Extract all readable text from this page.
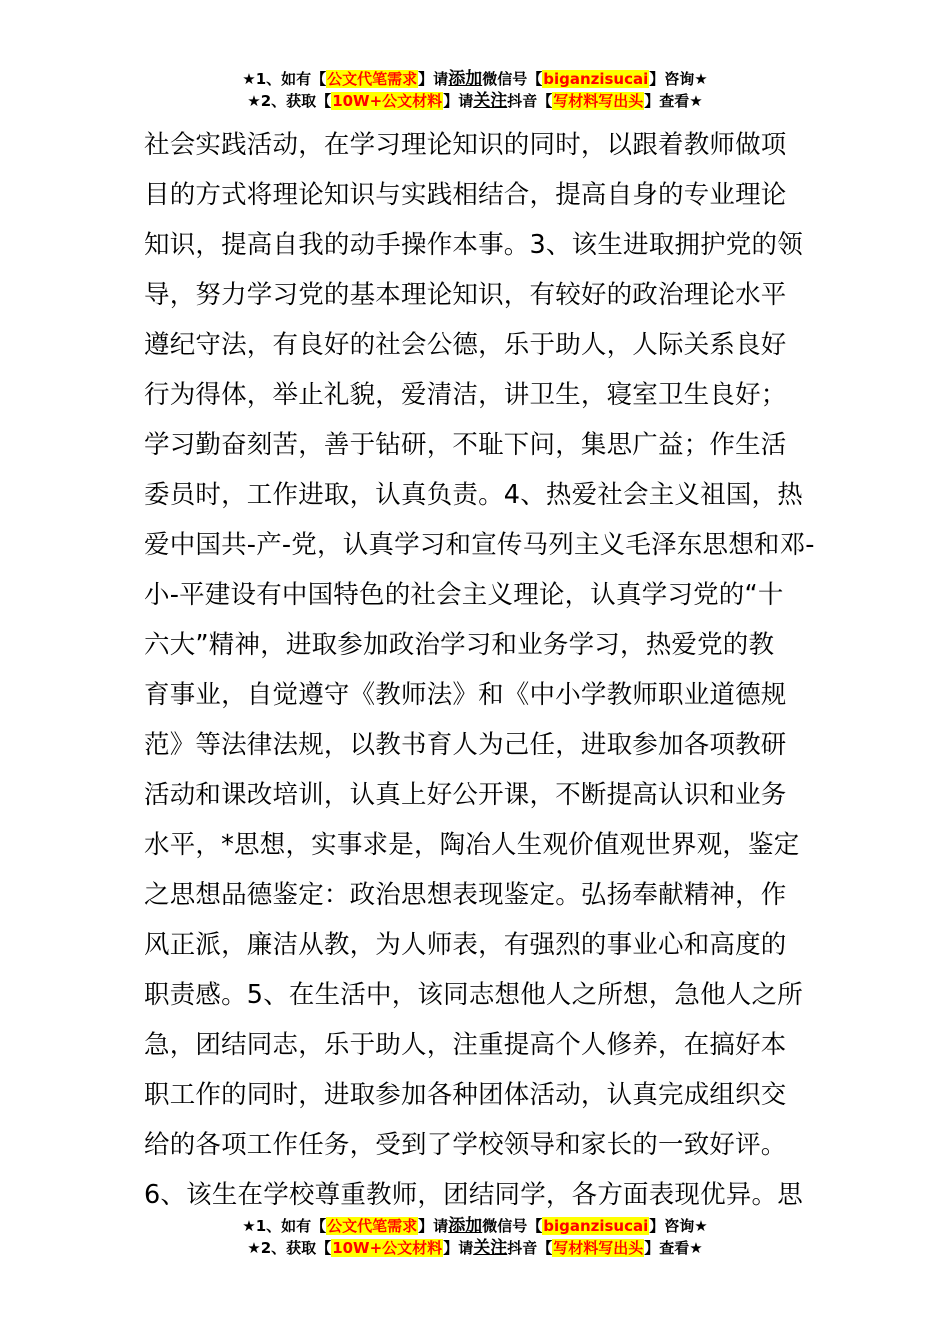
★1、如有【公文代笔需求】请添加微信号【biganzisucai】咨询★
★2、获取【10W+公文材料】请关注抖音【写材料写出头】查看★
社会实践活动，在学习理论知识的同时，以跟着教师做项
目的方式将理论知识与实践相结合，提高自身的专业理论
知识，提高自我的动手操作本事。3、该生进取拥护党的领
导，努力学习党的基本理论知识，有较好的政治理论水平
遵纪守法，有良好的社会公德，乐于助人，人际关系良好
行为得体，举止礼貌，爱清洁，讲卫生，寝室卫生良好；
学习勤奋刻苦，善于钻研，不耻下问，集思广益；作生活
委员时，工作进取，认真负责。4、热爱社会主义祖国，热
爱中国共-产-党，认真学习和宣传马列主义毛泽东思想和邓-
小-平建设有中国特色的社会主义理论，认真学习党的“十
六大”精神，进取参加政治学习和业务学习，热爱党的教
育事业，自觉遵守《教师法》和《中小学教师职业道德规
范》等法律法规，以教书育人为己任，进取参加各项教研
活动和课改培训，认真上好公开课，不断提高认识和业务
水平，*思想，实事求是，陶冶人生观价值观世界观，鉴定
之思想品德鉴定：政治思想表现鉴定。弘扬奉献精神，作
风正派，廉洁从教，为人师表，有强烈的事业心和高度的
职责感。5、在生活中，该同志想他人之所想，急他人之所
急，团结同志，乐于助人，注重提高个人修养，在搞好本
职工作的同时，进取参加各种团体活动，认真完成组织交
给的各项工作任务，受到了学校领导和家长的一致好评。
6、该生在学校尊重教师，团结同学，各方面表现优异。思
★1、如有【公文代笔需求】请添加微信号【biganzisucai】咨询★
★2、获取【10W+公文材料】请关注抖音【写材料写出头】查看★
